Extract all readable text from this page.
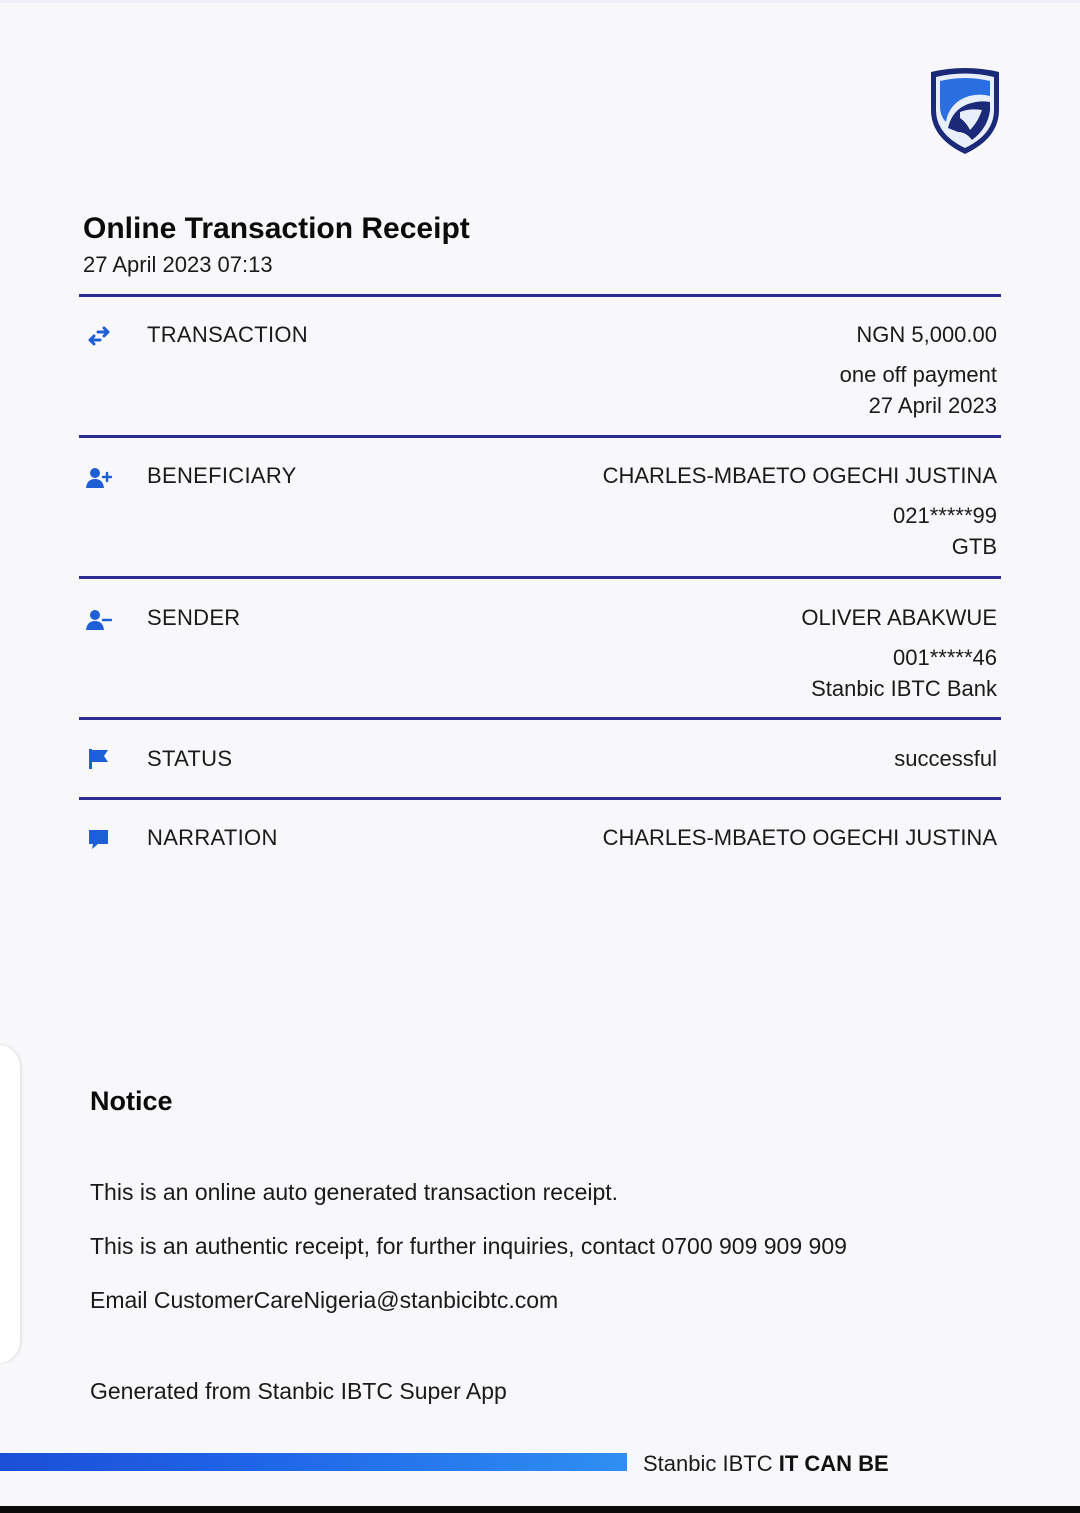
Online Transaction Receipt
27 April 2023 07:13
TRANSACTION	NGN 5,000.00
one off payment
27 April 2023
BENEFICIARY	CHARLES-MBAETO OGECHI JUSTINA
021*****99
GTB
SENDER	OLIVER ABAKWUE
001*****46
Stanbic IBTC Bank
STATUS	successful
NARRATION	CHARLES-MBAETO OGECHI JUSTINA
Notice
This is an online auto generated transaction receipt.
This is an authentic receipt, for further inquiries, contact 0700 909 909 909
Email CustomerCareNigeria@stanbicibtc.com
Generated from Stanbic IBTC Super App
Stanbic IBTC IT CAN BE
